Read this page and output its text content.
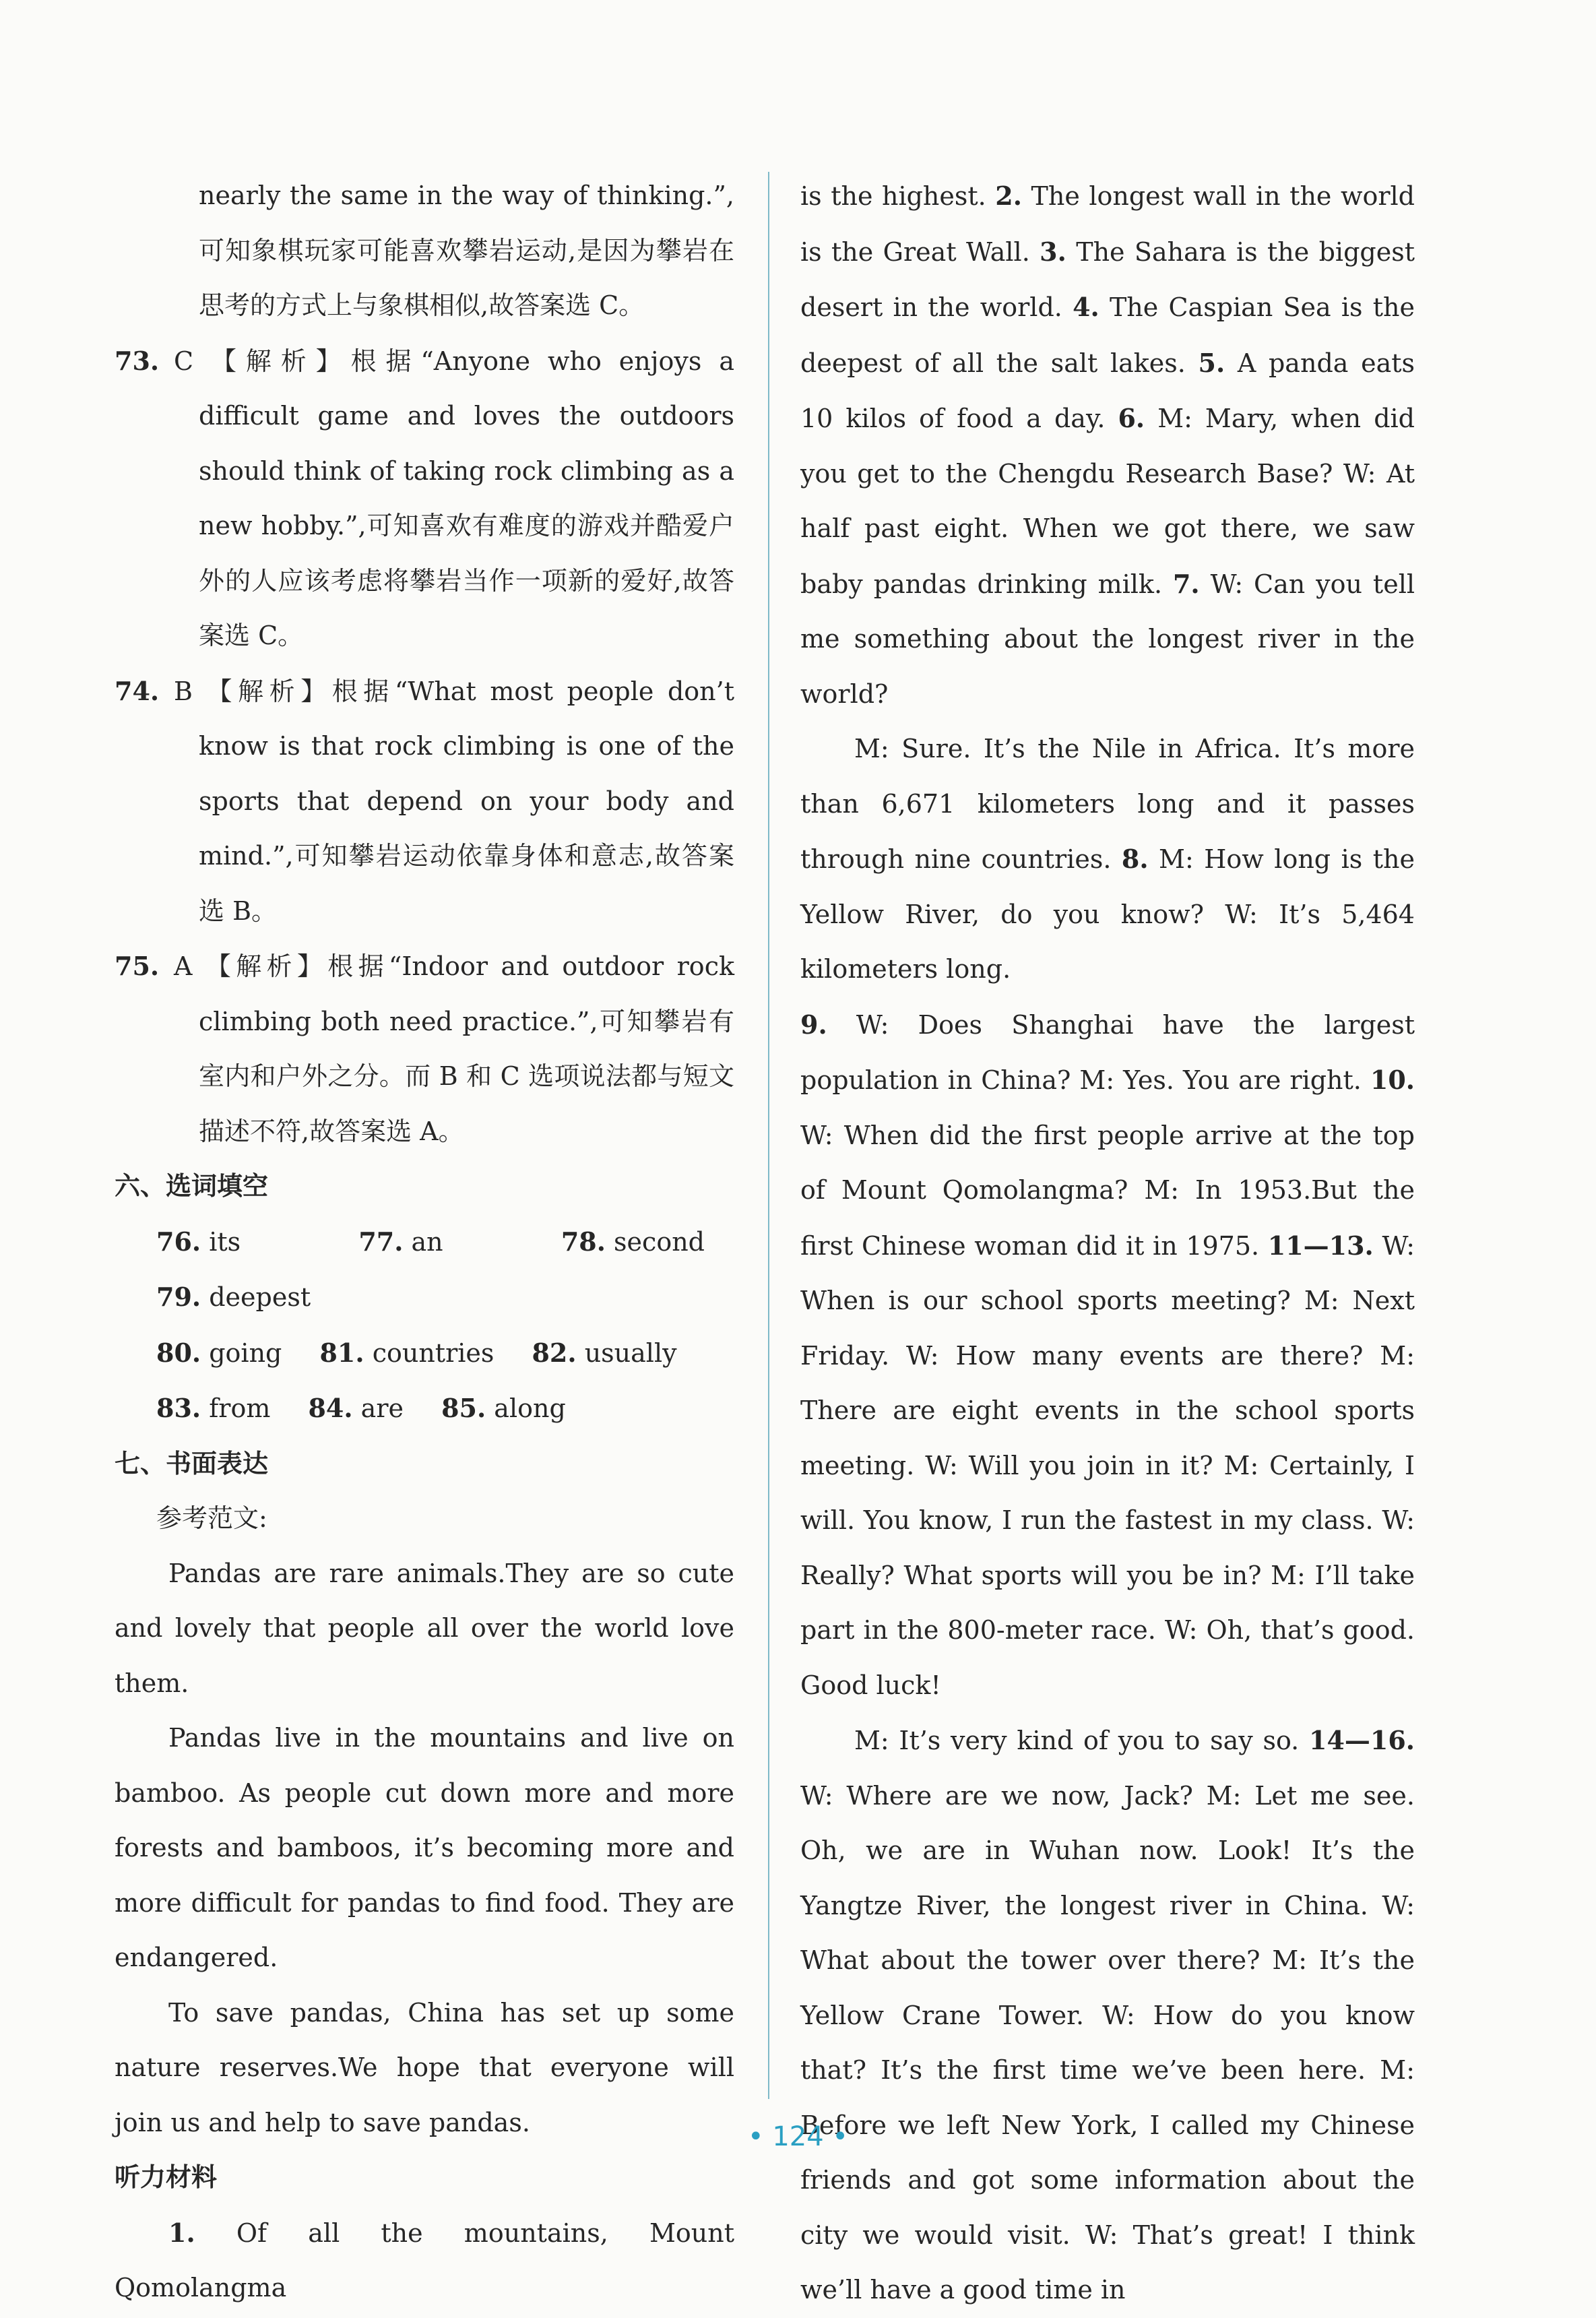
nearly the same in the way of thinking.”,可知象棋玩家可能喜欢攀岩运动,是因为攀岩在思考的方式上与象棋相似,故答案选 C。

73. C 【解析】根据“Anyone who enjoys a difficult game and loves the outdoors should think of taking rock climbing as a new hobby.”,可知喜欢有难度的游戏并酷爱户外的人应该考虑将攀岩当作一项新的爱好,故答案选 C。

74. B 【解析】根据“What most people don’t know is that rock climbing is one of the sports that depend on your body and mind.”,可知攀岩运动依靠身体和意志,故答案选 B。

75. A 【解析】根据“Indoor and outdoor rock climbing both need practice.”,可知攀岩有室内和户外之分。而 B 和 C 选项说法都与短文描述不符,故答案选 A。

六、选词填空

76. its	77. an	78. second 79. deepest

80. going 81. countries 82. usually

83. from 84. are 85. along

七、书面表达

参考范文:

Pandas are rare animals.They are so cute and lovely that people all over the world love them.

Pandas live in the mountains and live on bamboo. As people cut down more and more forests and bamboos, it’s becoming more and more difficult for pandas to find food. They are endangered.

To save pandas, China has set up some nature reserves.We hope that everyone will join us and help to save pandas.

听力材料

1. Of all the mountains, Mount Qomolangma

is the highest. 2. The longest wall in the world is the Great Wall. 3. The Sahara is the biggest desert in the world. 4. The Caspian Sea is the deepest of all the salt lakes. 5. A panda eats 10 kilos of food a day. 6. M: Mary, when did you get to the Chengdu Research Base? W: At half past eight. When we got there, we saw baby pandas drinking milk. 7. W: Can you tell me something about the longest river in the world?

M: Sure. It’s the Nile in Africa. It’s more than 6,671 kilometers long and it passes through nine countries. 8. M: How long is the Yellow River, do you know? W: It’s 5,464 kilometers long.

9. W: Does Shanghai have the largest population in China? M: Yes. You are right. 10. W: When did the first people arrive at the top of Mount Qomolangma? M: In 1953.But the first Chinese woman did it in 1975. 11—13. W: When is our school sports meeting? M: Next Friday. W: How many events are there? M: There are eight events in the school sports meeting. W: Will you join in it? M: Certainly, I will. You know, I run the fastest in my class. W: Really? What sports will you be in? M: I’ll take part in the 800-meter race. W: Oh, that’s good. Good luck!

M: It’s very kind of you to say so. 14—16. W: Where are we now, Jack? M: Let me see. Oh, we are in Wuhan now. Look! It’s the Yangtze River, the longest river in China. W: What about the tower over there? M: It’s the Yellow Crane Tower. W: How do you know that? It’s the first time we’ve been here. M: Before we left New York, I called my Chinese friends and got some information about the city we would visit. W: That’s great! I think we’ll have a good time in

• 124 •
